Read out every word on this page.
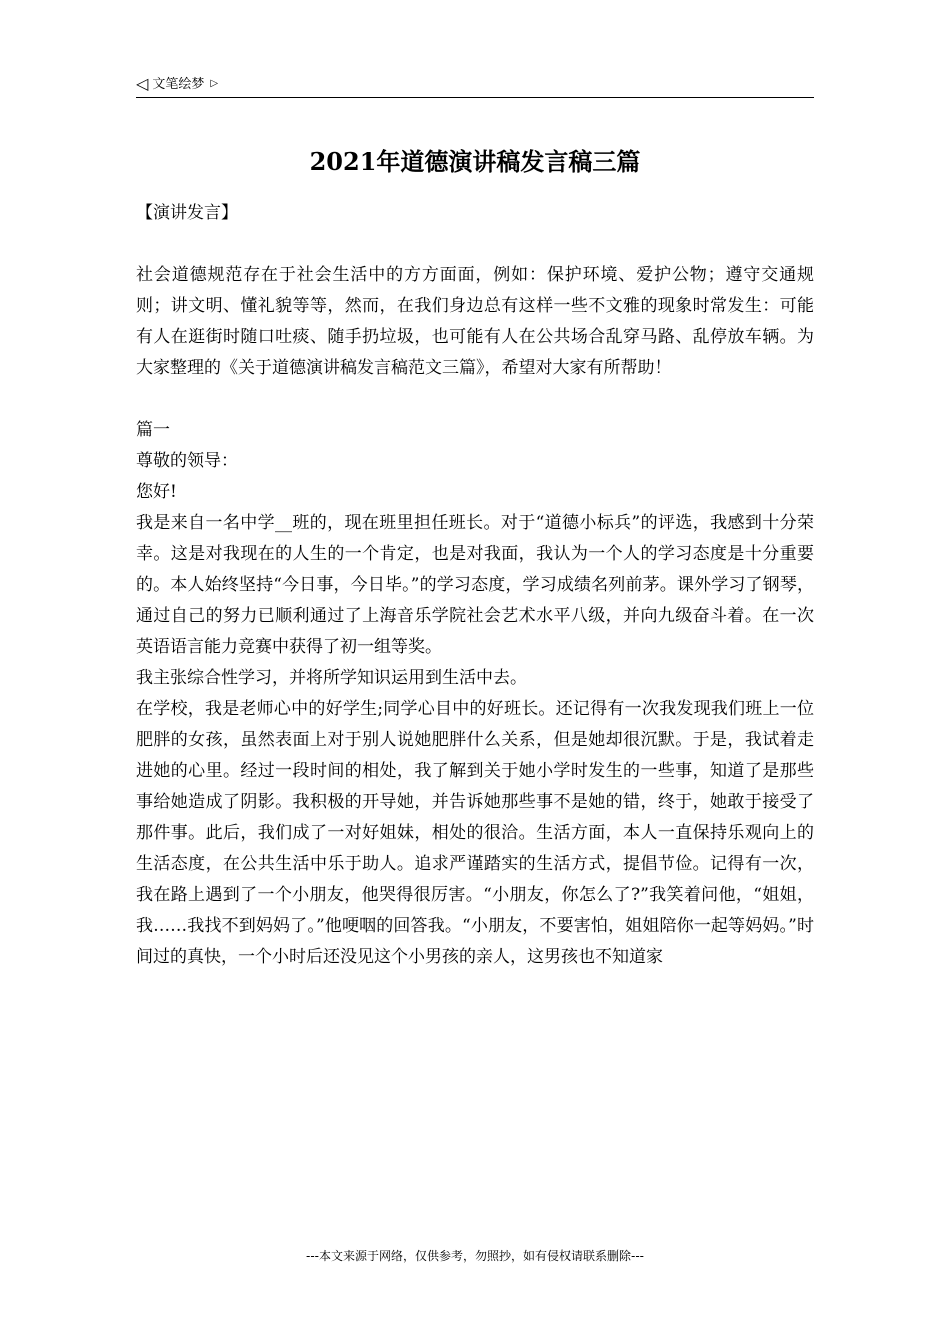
◁ 文笔绘梦 ▷
2021年道德演讲稿发言稿三篇

【演讲发言】

社会道德规范存在于社会生活中的方方面面，例如：保护环境、爱护公物；遵守交通规则；讲文明、懂礼貌等等，然而，在我们身边总有这样一些不文雅的现象时常发生：可能有人在逛街时随口吐痰、随手扔垃圾，也可能有人在公共场合乱穿马路、乱停放车辆。为大家整理的《关于道德演讲稿发言稿范文三篇》，希望对大家有所帮助！

篇一

尊敬的领导：

您好!

我是来自一名中学__班的，现在班里担任班长。对于“道德小标兵”的评选，我感到十分荣幸。这是对我现在的人生的一个肯定，也是对我面，我认为一个人的学习态度是十分重要的。本人始终坚持“今日事，今日毕。”的学习态度，学习成绩名列前茅。课外学习了钢琴，通过自己的努力已顺利通过了上海音乐学院社会艺术水平八级，并向九级奋斗着。在一次英语语言能力竞赛中获得了初一组等奖。

我主张综合性学习，并将所学知识运用到生活中去。

在学校，我是老师心中的好学生;同学心目中的好班长。还记得有一次我发现我们班上一位肥胖的女孩，虽然表面上对于别人说她肥胖什么关系，但是她却很沉默。于是，我试着走进她的心里。经过一段时间的相处，我了解到关于她小学时发生的一些事，知道了是那些事给她造成了阴影。我积极的开导她，并告诉她那些事不是她的错，终于，她敢于接受了那件事。此后，我们成了一对好姐妹，相处的很洽。生活方面，本人一直保持乐观向上的生活态度，在公共生活中乐于助人。追求严谨踏实的生活方式，提倡节俭。记得有一次，我在路上遇到了一个小朋友，他哭得很厉害。“小朋友，你怎么了?”我笑着问他，“姐姐，我……我找不到妈妈了。”他哽咽的回答我。“小朋友，不要害怕，姐姐陪你一起等妈妈。”时间过的真快，一个小时后还没见这个小男孩的亲人，这男孩也不知道家

---本文来源于网络，仅供参考，勿照抄，如有侵权请联系删除---
